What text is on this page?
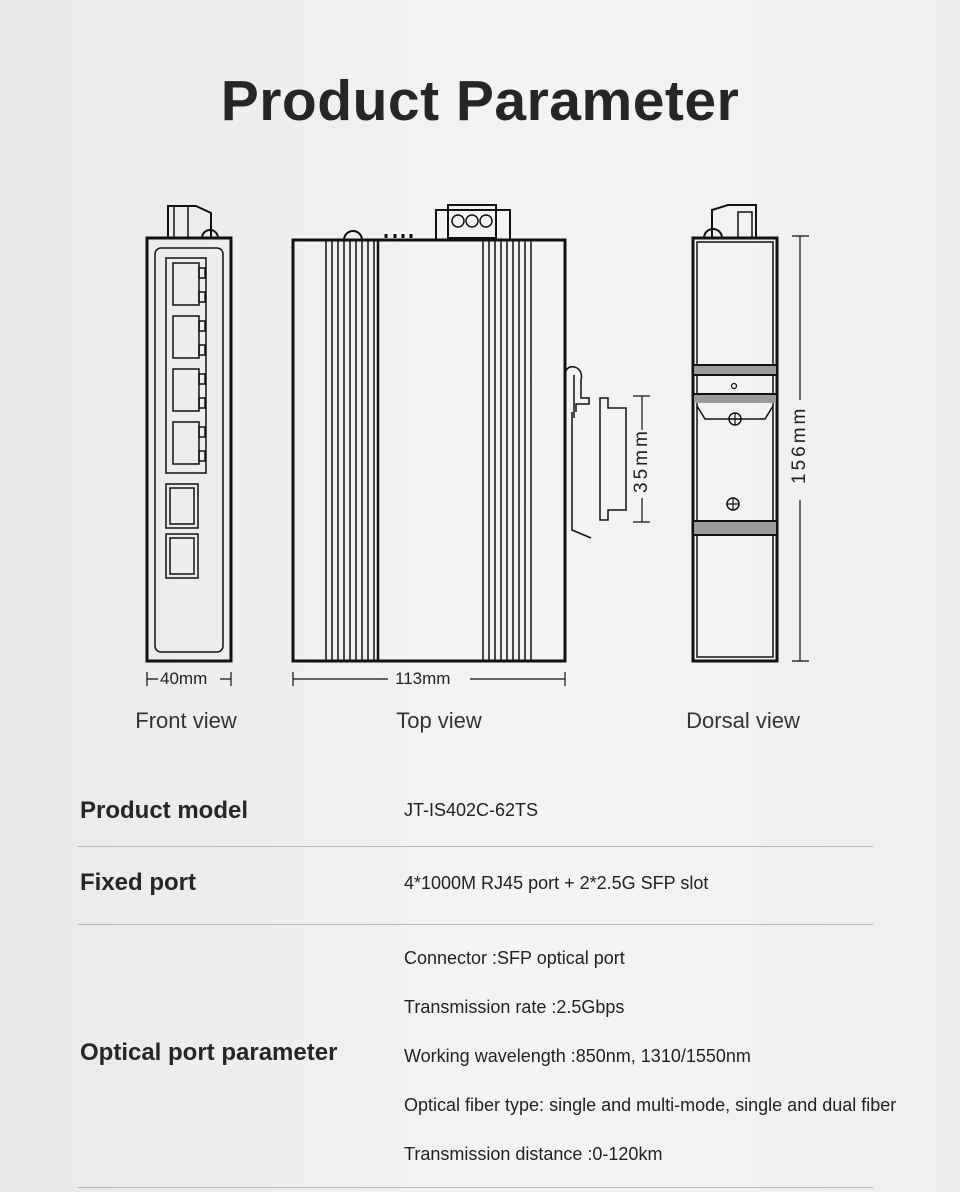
Product Parameter
40mm	113mm
35mm	156mm
Front view	Top view	Dorsal view
Product model	JT-IS402C-62TS
Fixed port	4*1000M RJ45 port + 2*2.5G SFP slot
Optical port parameter
Connector :SFP optical port
Transmission rate :2.5Gbps
Working wavelength :850nm, 1310/1550nm
Optical fiber type: single and multi-mode, single and dual fiber
Transmission distance :0-120km
